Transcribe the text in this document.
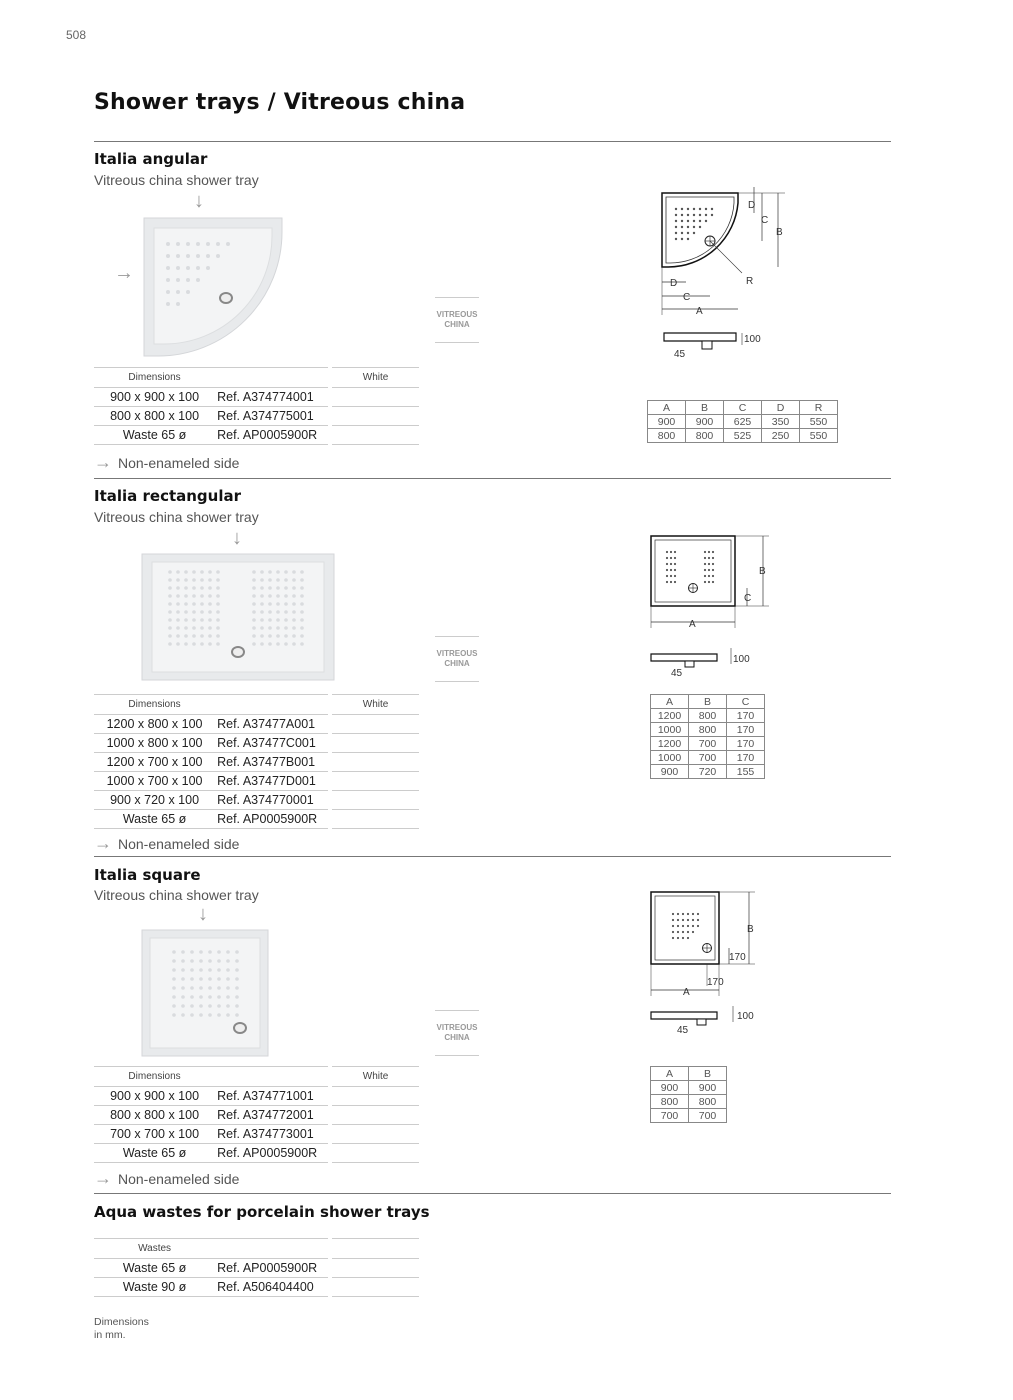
508
Shower trays / Vitreous china
Italia angular
Vitreous china shower tray
↓
→
VITREOUS
CHINA
Dimensions		White
900 x 900 x 100	Ref. A374774001	
800 x 800 x 100	Ref. A374775001	
Waste 65 ø	Ref. AP0005900R	
→ Non-enameled side
D
C
B
R
D
C
A
100
45
A	B	C	D	R
900	900	625	350	550
800	800	525	250	550
Italia rectangular
Vitreous china shower tray
↓
VITREOUS
CHINA
Dimensions		White
1200 x 800 x 100	Ref. A37477A001	
1000 x 800 x 100	Ref. A37477C001	
1200 x 700 x 100	Ref. A37477B001	
1000 x 700 x 100	Ref. A37477D001	
900 x 720 x 100	Ref. A374770001	
Waste 65 ø	Ref. AP0005900R	
→ Non-enameled side
B
C
A
100
45
A	B	C
1200	800	170
1000	800	170
1200	700	170
1000	700	170
900	720	155
Italia square
Vitreous china shower tray
↓
VITREOUS
CHINA
Dimensions		White
900 x 900 x 100	Ref. A374771001	
800 x 800 x 100	Ref. A374772001	
700 x 700 x 100	Ref. A374773001	
Waste 65 ø	Ref. AP0005900R	
→ Non-enameled side
B
170
170
A
100
45
A	B
900	900
800	800
700	700
Aqua wastes for porcelain shower trays
Wastes		
Waste 65 ø	Ref. AP0005900R	
Waste 90 ø	Ref. A506404400	
Dimensions
in mm.
